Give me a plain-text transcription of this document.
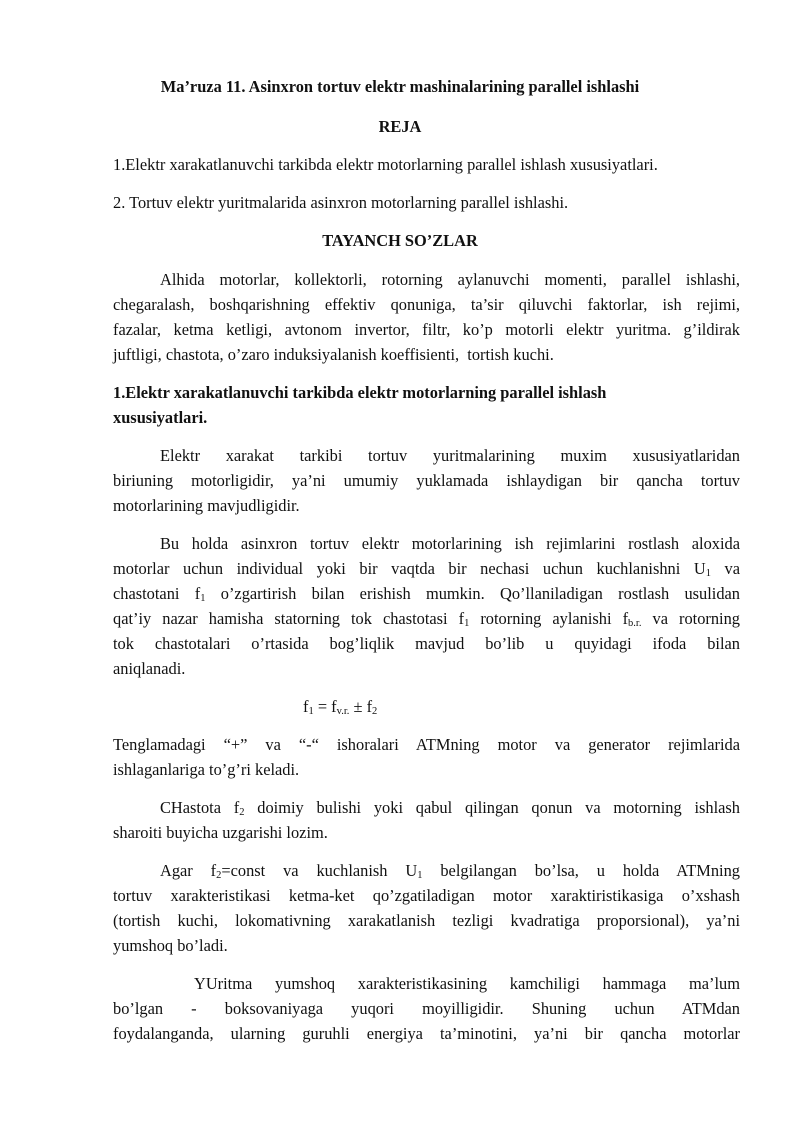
Ma’ruza 11. Asinxron tortuv elektr mashinalarining parallel ishlashi
REJA
1.Elektr xarakatlanuvchi tarkibda elektr motorlarning parallel ishlash xususiyatlari.
2. Tortuv elektr yuritmalarida asinxron motorlarning parallel ishlashi.
TAYANCH SO’ZLAR
Alhida motorlar, kollektorli, rotorning aylanuvchi momenti, parallel ishlashi,
chegaralash, boshqarishning effektiv qonuniga, ta’sir qiluvchi faktorlar, ish rejimi,
fazalar, ketma ketligi, avtonom invertor, filtr, ko’p motorli elektr yuritma. g’ildirak
juftligi, chastota, o’zaro induksiyalanish koeffisienti,  tortish kuchi.
1.Elektr xarakatlanuvchi tarkibda elektr motorlarning parallel ishlash
xususiyatlari.
Elektr xarakat tarkibi tortuv yuritmalarining muxim xususiyatlaridan
biriuning motorligidir, ya’ni umumiy yuklamada ishlaydigan bir qancha tortuv
motorlarining mavjudligidir.
Bu holda asinxron tortuv elektr motorlarining ish rejimlarini rostlash aloxida
motorlar uchun individual yoki bir vaqtda bir nechasi uchun kuchlanishni $U_1$ va
chastotani $f_1$ o’zgartirish bilan erishish mumkin. Qo’llaniladigan rostlash usulidan
qat’iy nazar hamisha statorning tok chastotasi $f_1$ rotorning aylanishi $f_{b.r.}$ va rotorning
tok chastotalari o’rtasida bog’liqlik mavjud bo’lib u quyidagi ifoda bilan
aniqlanadi.
$f_1 = f_{v.r.} \pm f_2$
Tenglamadagi “+” va “-“ ishoralari ATMning motor va generator rejimlarida
ishlaganlariga to’g’ri keladi.
CHastota $f_2$ doimiy bulishi yoki qabul qilingan qonun va motorning ishlash
sharoiti buyicha uzgarishi lozim.
Agar $f_2=const$ va kuchlanish $U_1$ belgilangan bo’lsa, u holda ATMning
tortuv xarakteristikasi ketma-ket qo’zgatiladigan motor xaraktiristikasiga o’xshash
(tortish kuchi, lokomativning xarakatlanish tezligi kvadratiga proporsional), ya’ni
yumshoq bo’ladi.
YUritma yumshoq xarakteristikasining kamchiligi hammaga ma’lum
bo’lgan - boksovaniyaga yuqori moyilligidir. Shuning uchun ATMdan
foydalanganda, ularning guruhli energiya ta’minotini, ya’ni bir qancha motorlar
